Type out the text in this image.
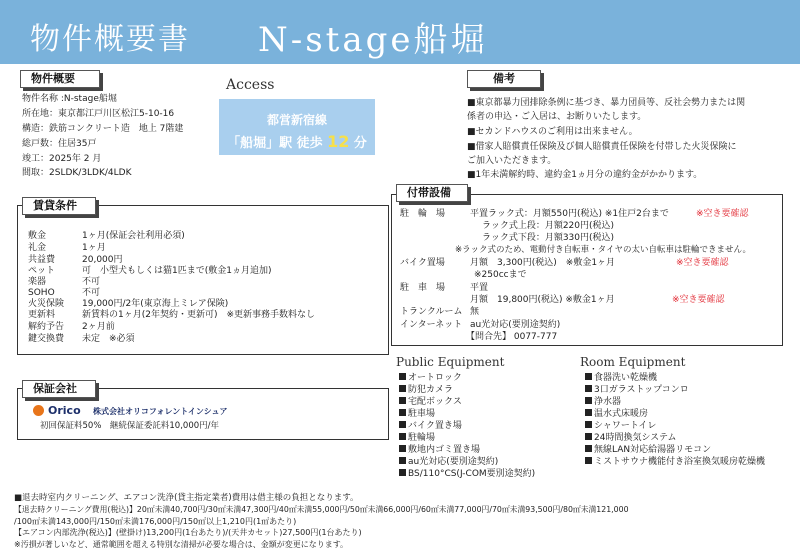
物件概要書 N-stage船堀
物件概要
物件名称 :N-stage船堀
所在地：東京都江戸川区松江5-10-16
構造：鉄筋コンクリート造　地上 7階建
総戸数：住居35戸
竣工：2025年 2 月
間取：2SLDK/3LDK/4LDK
Access
都営新宿線
「船堀」駅 徒歩 12 分
備考
■東京都暴力団排除条例に基づき、暴力団員等、反社会勢力または関
係者の申込・ご入居は、お断りいたします。
■セカンドハウスのご利用は出来ません。
■借家人賠償責任保険及び個人賠償責任保険を付帯した火災保険に
ご加入いただきます。
■1年未満解約時、違約金1ヵ月分の違約金がかかります。
賃貸条件
敷金	1ヶ月(保証会社利用必須)
礼金	1ヶ月
共益費	20,000円
ペット	可　小型犬もしくは猫1匹まで(敷金1ヵ月追加)
楽器	不可
SOHO	不可
火災保険 19,000円/2年(東京海上ミレア保険)
更新料	新賃料の1ヶ月(2年契約・更新可)　※更新事務手数料なし
解約予告 2ヶ月前
鍵交換費 未定　※必須
付帯設備
駐　輪　場	平置ラック式：月額550円(税込) ※1住戸2台まで	※空き要確認
ラック式上段：月額220円(税込)
ラック式下段：月額330円(税込)
※ラック式のため、電動付き自転車・タイヤの太い自転車は駐輪できません。
バイク置場	月額　3,300円(税込)　※敷金1ヶ月	※空き要確認
※250ccまで
駐　車　場	平置
月額　19,800円(税込) ※敷金1ヶ月	※空き要確認
トランクルーム 無
インターネット au光対応(要別途契約)
【問合先】 0077-777
Public Equipment
オートロック
防犯カメラ
宅配ボックス
駐車場
バイク置き場
駐輪場
敷地内ゴミ置き場
au光対応(要別途契約)
BS/110°CS(J-COM要別途契約)
Room Equipment
食器洗い乾燥機
3口ガラストップコンロ
浄水器
温水式床暖房
シャワートイレ
24時間換気システム
無線LAN対応給湯器リモコン
ミストサウナ機能付き浴室換気暖房乾燥機
保証会社
Orico 株式会社オリコフォレントインシュア
初回保証料50%　継続保証委託料10,000円/年
■退去時室内クリーニング、エアコン洗浄(貸主指定業者)費用は借主様の負担となります。
【退去時クリーニング費用(税込)】20㎡未満40,700円/30㎡未満47,300円/40㎡未満55,000円/50㎡未満66,000円/60㎡未満77,000円/70㎡未満93,500円/80㎡未満121,000
/100㎡未満143,000円/150㎡未満176,000円/150㎡以上1,210円(1㎡あたり)
【エアコン内部洗浄(税込)】(壁掛け)13,200円(1台あたり)/(天井カセット)27,500円(1台あたり)
※汚損が著しいなど、通常範囲を超える特別な清掃が必要な場合は、金額が変更になります。
